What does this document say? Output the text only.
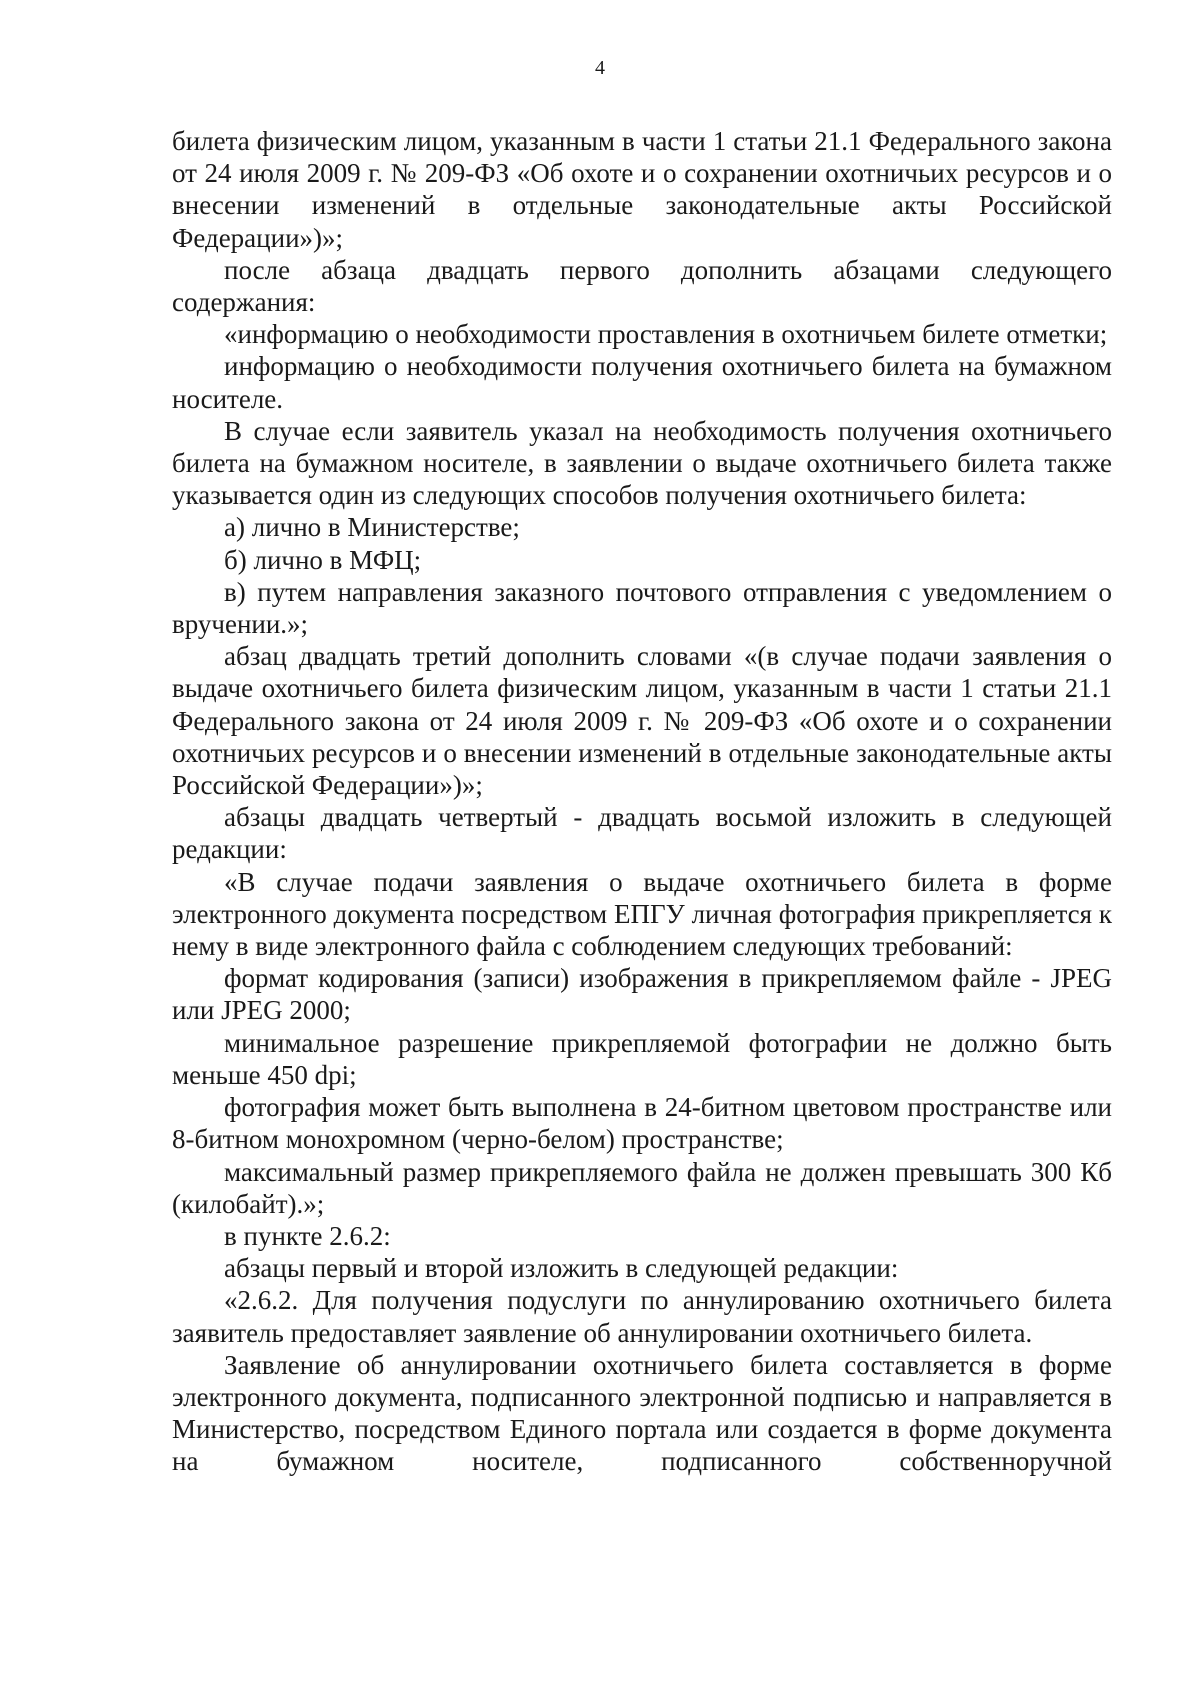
4

билета физическим лицом, указанным в части 1 статьи 21.1 Федерального закона от 24 июля 2009 г. № 209-ФЗ «Об охоте и о сохранении охотничьих ресурсов и о внесении изменений в отдельные законодательные акты Российской Федерации»)»;

после абзаца двадцать первого дополнить абзацами следующего содержания:

«информацию о необходимости проставления в охотничьем билете отметки;

информацию о необходимости получения охотничьего билета на бумажном носителе.

В случае если заявитель указал на необходимость получения охотничьего билета на бумажном носителе, в заявлении о выдаче охотничьего билета также указывается один из следующих способов получения охотничьего билета:

а) лично в Министерстве;

б) лично в МФЦ;

в) путем направления заказного почтового отправления с уведомлением о вручении.»;

абзац двадцать третий дополнить словами «(в случае подачи заявления о выдаче охотничьего билета физическим лицом, указанным в части 1 статьи 21.1 Федерального закона от 24 июля 2009 г. № 209-ФЗ «Об охоте и о сохранении охотничьих ресурсов и о внесении изменений в отдельные законодательные акты Российской Федерации»)»;

абзацы двадцать четвертый - двадцать восьмой изложить в следующей редакции:

«В случае подачи заявления о выдаче охотничьего билета в форме электронного документа посредством ЕПГУ личная фотография прикрепляется к нему в виде электронного файла с соблюдением следующих требований:

формат кодирования (записи) изображения в прикрепляемом файле - JPEG или JPEG 2000;

минимальное разрешение прикрепляемой фотографии не должно быть меньше 450 dpi;

фотография может быть выполнена в 24-битном цветовом пространстве или 8-битном монохромном (черно-белом) пространстве;

максимальный размер прикрепляемого файла не должен превышать 300 Кб (килобайт).»;

в пункте 2.6.2:

абзацы первый и второй изложить в следующей редакции:

«2.6.2. Для получения подуслуги по аннулированию охотничьего билета заявитель предоставляет заявление об аннулировании охотничьего билета.

Заявление об аннулировании охотничьего билета составляется в форме электронного документа, подписанного электронной подписью и направляется в Министерство, посредством Единого портала или создается в форме документа на бумажном носителе, подписанного собственноручной
